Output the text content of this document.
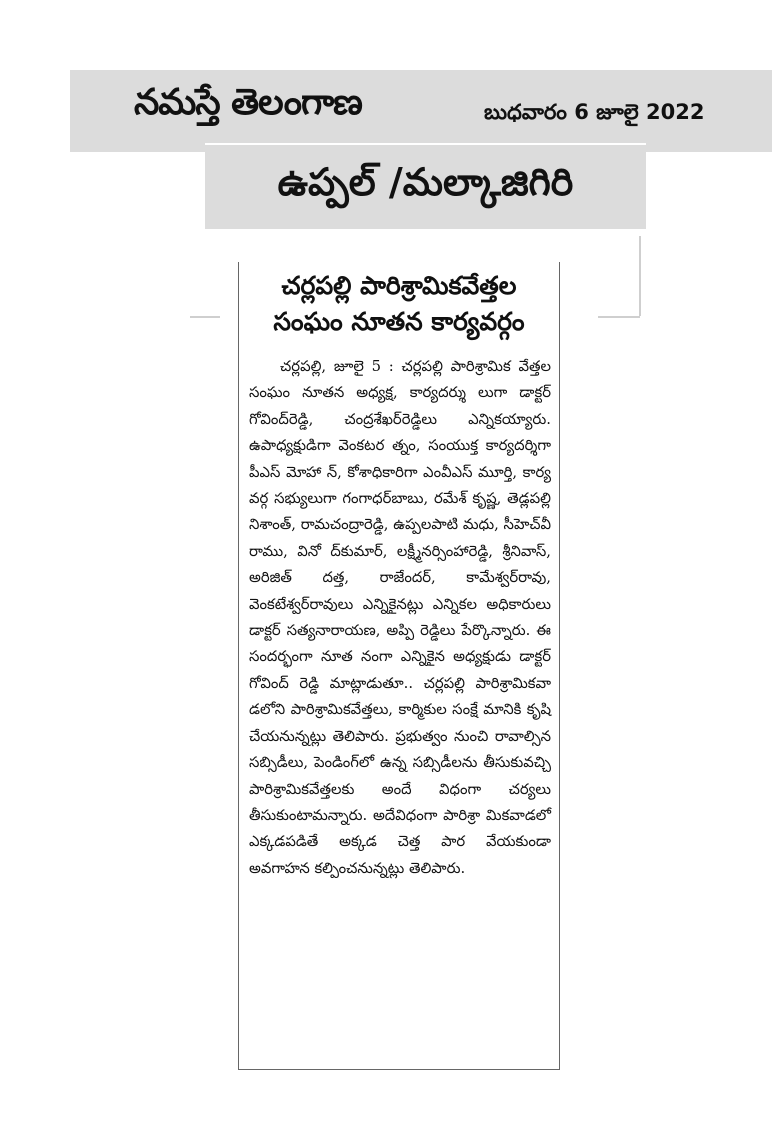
నమస్తే తెలంగాణ	బుధవారం 6 జూలై 2022
ఉప్పల్ /మల్కాజిగిరి
చర్లపల్లి పారిశ్రామికవేత్తల
సంఘం నూతన కార్యవర్గం
చర్లపల్లి, జూలై 5 : చర్లపల్లి పారిశ్రామిక వేత్తల సంఘం నూతన అధ్యక్ష, కార్యదర్శు లుగా డాక్టర్ గోవింద్‌రెడ్డి, చంద్రశేఖర్‌రెడ్డిలు ఎన్నికయ్యారు. ఉపాధ్యక్షుడిగా వెంకటర త్నం, సంయుక్త కార్యదర్శిగా పీఎస్ మోహా న్, కోశాధికారిగా ఎంవీఎస్ మూర్తి, కార్య వర్గ సభ్యులుగా గంగాధర్‌బాబు, రమేశ్ కృష్ణ, తెడ్లపల్లి నిశాంత్, రామచంద్రారెడ్డి, ఉప్పలపాటి మధు, సీహెచ్‌వీ రాము, వినో ద్‌కుమార్, లక్ష్మీనర్సింహారెడ్డి, శ్రీనివాస్, అరిజిత్ దత్త, రాజేందర్, కామేశ్వర్‌రావు, వెంకటేశ్వర్‌రావులు ఎన్నికైనట్లు ఎన్నికల అధికారులు డాక్టర్ సత్యనారాయణ, అప్పి రెడ్డిలు పేర్కొన్నారు. ఈ సందర్భంగా నూత నంగా ఎన్నికైన అధ్యక్షుడు డాక్టర్ గోవింద్ రెడ్డి మాట్లాడుతూ.. చర్లపల్లి పారిశ్రామికవా డలోని పారిశ్రామికవేత్తలు, కార్మికుల సంక్షే మానికి కృషి చేయనున్నట్లు తెలిపారు. ప్రభుత్వం నుంచి రావాల్సిన సబ్సిడీలు, పెండింగ్‌లో ఉన్న సబ్సిడీలను తీసుకువచ్చి పారిశ్రామికవేత్తలకు అందే విధంగా చర్యలు తీసుకుంటామన్నారు. అదేవిధంగా పారిశ్రా మికవాడలో ఎక్కడపడితే అక్కడ చెత్త పార వేయకుండా అవగాహన కల్పించనున్నట్లు తెలిపారు.
